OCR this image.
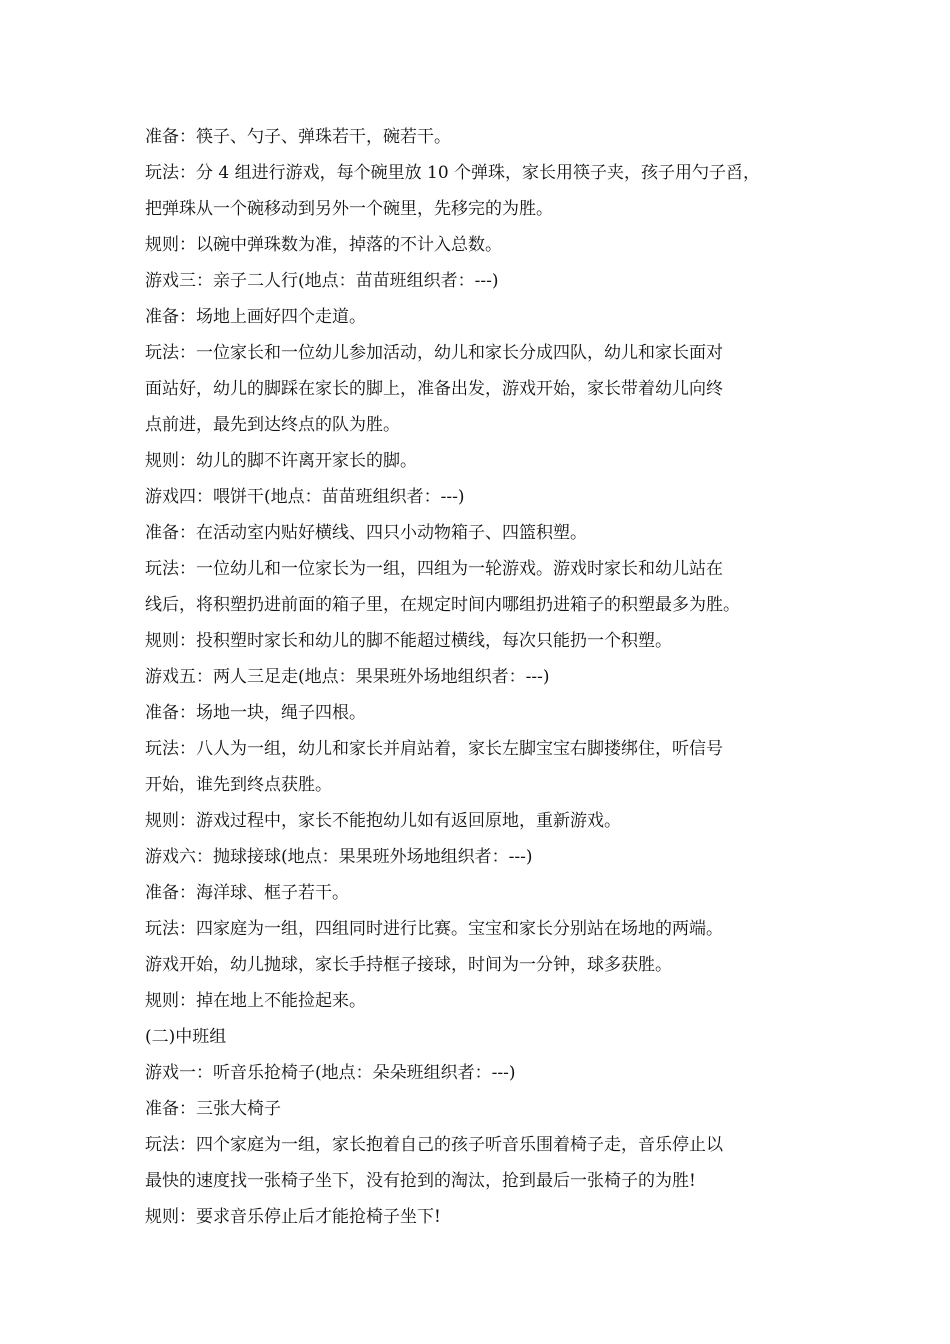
准备：筷子、勺子、弹珠若干，碗若干。
玩法：分 4 组进行游戏，每个碗里放 10 个弹珠，家长用筷子夹，孩子用勺子舀，
把弹珠从一个碗移动到另外一个碗里，先移完的为胜。
规则：以碗中弹珠数为准，掉落的不计入总数。
游戏三：亲子二人行(地点：苗苗班组织者：---)
准备：场地上画好四个走道。
玩法：一位家长和一位幼儿参加活动，幼儿和家长分成四队，幼儿和家长面对
面站好，幼儿的脚踩在家长的脚上，准备出发，游戏开始，家长带着幼儿向终
点前进，最先到达终点的队为胜。
规则：幼儿的脚不许离开家长的脚。
游戏四：喂饼干(地点：苗苗班组织者：---)
准备：在活动室内贴好横线、四只小动物箱子、四篮积塑。
玩法：一位幼儿和一位家长为一组，四组为一轮游戏。游戏时家长和幼儿站在
线后，将积塑扔进前面的箱子里，在规定时间内哪组扔进箱子的积塑最多为胜。
规则：投积塑时家长和幼儿的脚不能超过横线，每次只能扔一个积塑。
游戏五：两人三足走(地点：果果班外场地组织者：---)
准备：场地一块，绳子四根。
玩法：八人为一组，幼儿和家长并肩站着，家长左脚宝宝右脚搂绑住，听信号
开始，谁先到终点获胜。
规则：游戏过程中，家长不能抱幼儿如有返回原地，重新游戏。
游戏六：抛球接球(地点：果果班外场地组织者：---)
准备：海洋球、框子若干。
玩法：四家庭为一组，四组同时进行比赛。宝宝和家长分别站在场地的两端。
游戏开始，幼儿抛球，家长手持框子接球，时间为一分钟，球多获胜。
规则：掉在地上不能捡起来。
(二)中班组
游戏一：听音乐抢椅子(地点：朵朵班组织者：---)
准备：三张大椅子
玩法：四个家庭为一组，家长抱着自己的孩子听音乐围着椅子走，音乐停止以
最快的速度找一张椅子坐下，没有抢到的淘汰，抢到最后一张椅子的为胜!
规则：要求音乐停止后才能抢椅子坐下!
